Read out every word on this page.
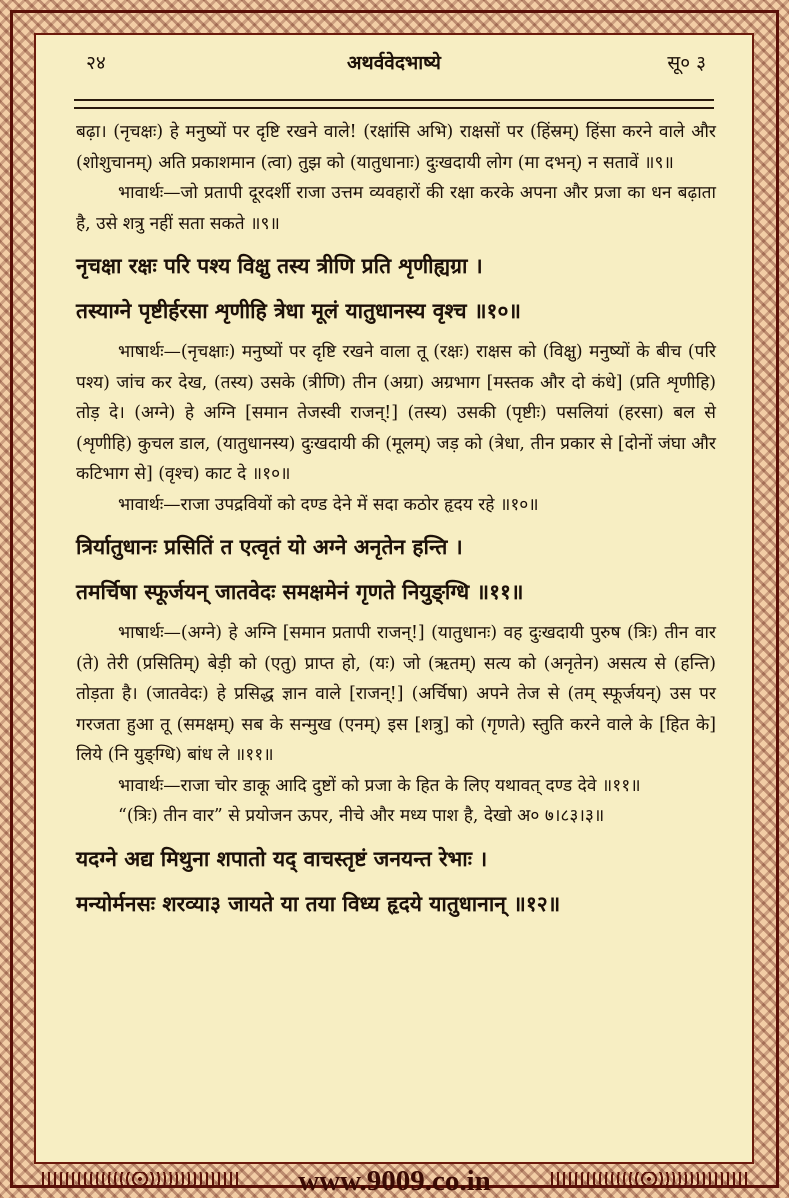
२४	अथर्ववेदभाष्ये	सू० ३

बढ़ा। (नृचक्षः) हे मनुष्यों पर दृष्टि रखने वाले! (रक्षांसि अभि) राक्षसों पर (हिंस्रम्) हिंसा करने वाले और (शोशुचानम्) अति प्रकाशमान (त्वा) तुझ को (यातुधानाः) दुःखदायी लोग (मा दभन्) न सतावें ॥९॥

भावार्थः—जो प्रतापी दूरदर्शी राजा उत्तम व्यवहारों की रक्षा करके अपना और प्रजा का धन बढ़ाता है, उसे शत्रु नहीं सता सकते ॥९॥

नृचक्षा रक्षः परि पश्य विक्षु तस्य त्रीणि प्रति शृणीह्यग्रा ।

तस्याग्ने पृष्टीर्हरसा शृणीहि त्रेधा मूलं यातुधानस्य वृश्च ॥१०॥

भाषार्थः—(नृचक्षाः) मनुष्यों पर दृष्टि रखने वाला तू (रक्षः) राक्षस को (विक्षु) मनुष्यों के बीच (परि पश्य) जांच कर देख, (तस्य) उसके (त्रीणि) तीन (अग्रा) अग्रभाग [मस्तक और दो कंधे] (प्रति शृणीहि) तोड़ दे। (अग्ने) हे अग्नि [समान तेजस्वी राजन्!] (तस्य) उसकी (पृष्टीः) पसलियां (हरसा) बल से (शृणीहि) कुचल डाल, (यातुधानस्य) दुःखदायी की (मूलम्) जड़ को (त्रेधा, तीन प्रकार से [दोनों जंघा और कटिभाग से] (वृश्च) काट दे ॥१०॥

भावार्थः—राजा उपद्रवियों को दण्ड देने में सदा कठोर हृदय रहे ॥१०॥

त्रिर्यातुधानः प्रसितिं त एत्वृतं यो अग्ने अनृतेन हन्ति ।

तमर्चिषा स्फूर्जयन् जातवेदः समक्षमेनं गृणते नियुङ्ग्धि ॥११॥

भाषार्थः—(अग्ने) हे अग्नि [समान प्रतापी राजन्!] (यातुधानः) वह दुःखदायी पुरुष (त्रिः) तीन वार (ते) तेरी (प्रसितिम्) बेड़ी को (एतु) प्राप्त हो, (यः) जो (ऋतम्) सत्य को (अनृतेन) असत्य से (हन्ति) तोड़ता है। (जातवेदः) हे प्रसिद्ध ज्ञान वाले [राजन्!] (अर्चिषा) अपने तेज से (तम् स्फूर्जयन्) उस पर गरजता हुआ तू (समक्षम्) सब के सन्मुख (एनम्) इस [शत्रु] को (गृणते) स्तुति करने वाले के [हित के] लिये (नि युङ्ग्धि) बांध ले ॥११॥

भावार्थः—राजा चोर डाकू आदि दुष्टों को प्रजा के हित के लिए यथावत् दण्ड देवे ॥११॥

“(त्रिः) तीन वार” से प्रयोजन ऊपर, नीचे और मध्य पाश है, देखो अ० ७।८३।३॥

यदग्ने अद्य मिथुना शपातो यद् वाचस्तृष्टं जनयन्त रेभाः ।

मन्योर्मनसः शरव्या३ जायते या तया विध्य हृदये यातुधानान् ॥१२॥

www.9009.co.in
